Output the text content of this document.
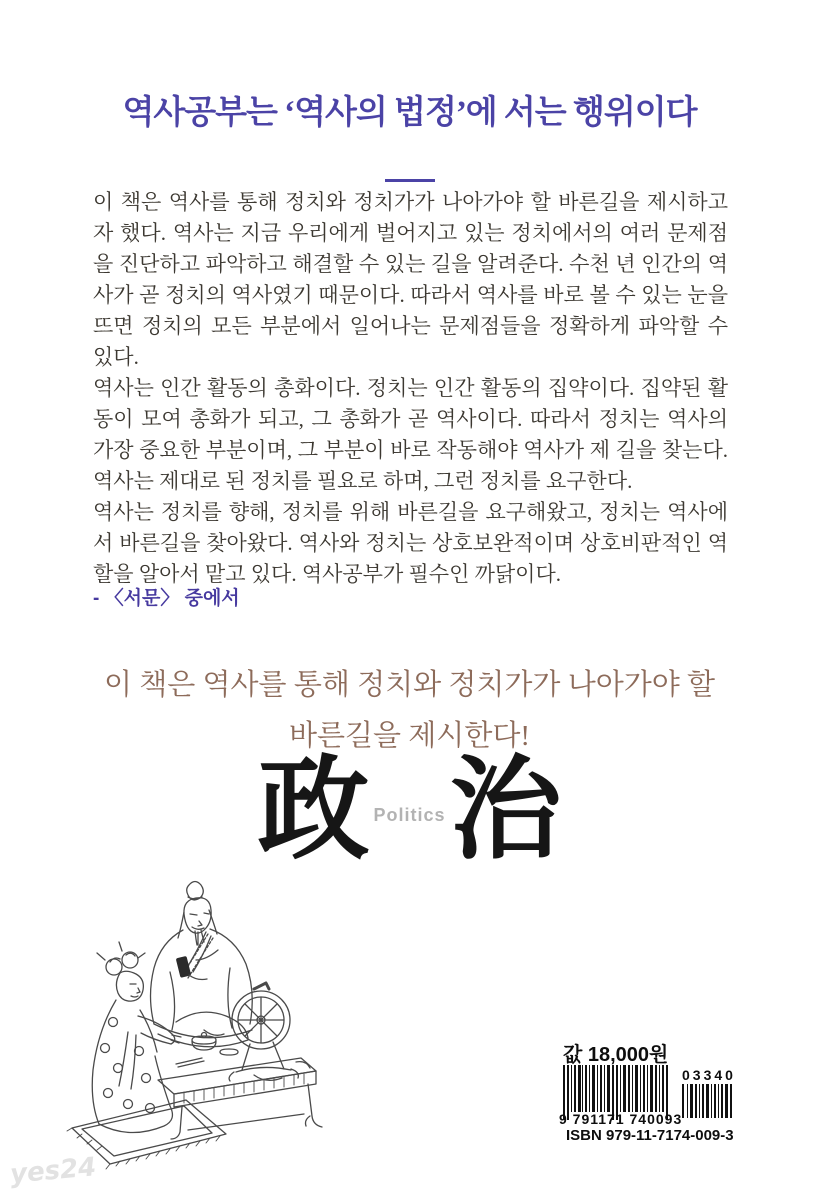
역사공부는 ‘역사의 법정’에 서는 행위이다

이 책은 역사를 통해 정치와 정치가가 나아가야 할 바른길을 제시하고자 했다. 역사는 지금 우리에게 벌어지고 있는 정치에서의 여러 문제점을 진단하고 파악하고 해결할 수 있는 길을 알려준다. 수천 년 인간의 역사가 곧 정치의 역사였기 때문이다. 따라서 역사를 바로 볼 수 있는 눈을 뜨면 정치의 모든 부분에서 일어나는 문제점들을 정확하게 파악할 수 있다.

역사는 인간 활동의 총화이다. 정치는 인간 활동의 집약이다. 집약된 활동이 모여 총화가 되고, 그 총화가 곧 역사이다. 따라서 정치는 역사의 가장 중요한 부분이며, 그 부분이 바로 작동해야 역사가 제 길을 찾는다. 역사는 제대로 된 정치를 필요로 하며, 그런 정치를 요구한다.

역사는 정치를 향해, 정치를 위해 바른길을 요구해왔고, 정치는 역사에서 바른길을 찾아왔다. 역사와 정치는 상호보완적이며 상호비판적인 역할을 알아서 맡고 있다. 역사공부가 필수인 까닭이다.

- 〈서문〉 중에서
이 책은 역사를 통해 정치와 정치가가 나아가야 할
바른길을 제시한다!
政 Politics 治
값 18,000원
9 791171 740093
03340
ISBN 979-11-7174-009-3
yes24
